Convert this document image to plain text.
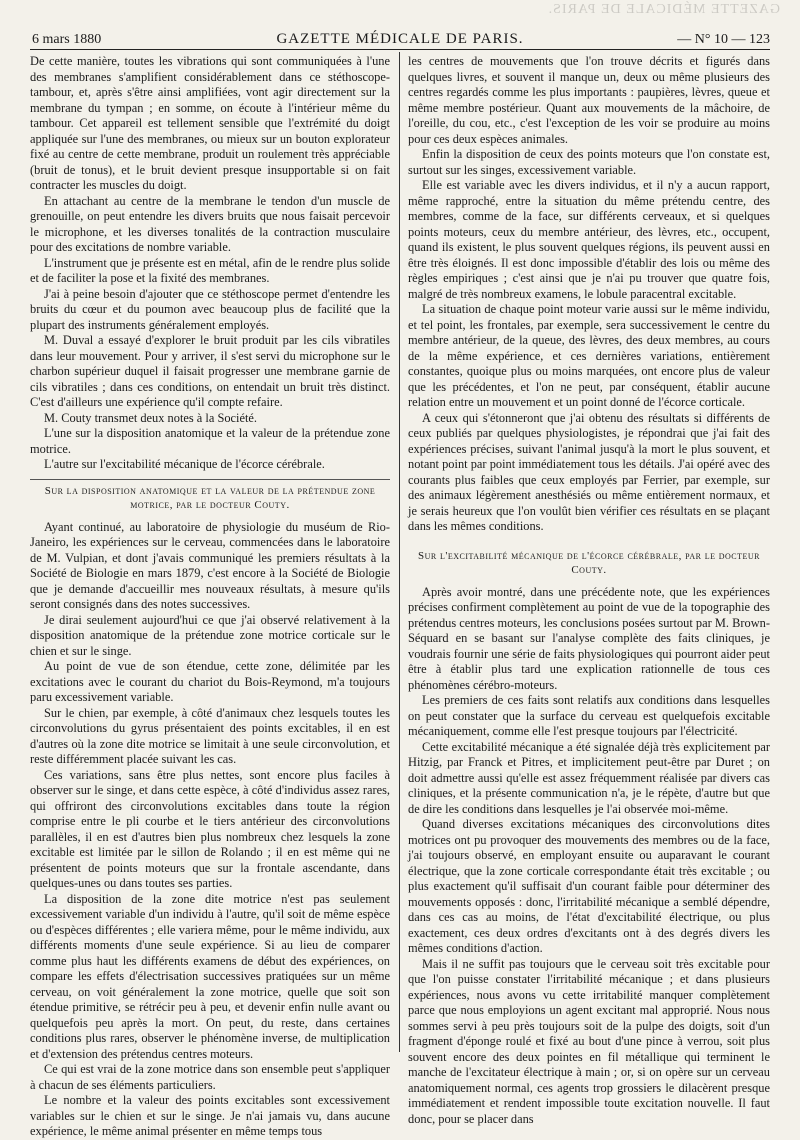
GAZETTE MÉDICALE DE PARIS.
6 mars 1880	GAZETTE MÉDICALE DE PARIS.	— N° 10 — 123

De cette manière, toutes les vibrations qui sont communiquées à l'une des membranes s'amplifient considérablement dans ce stéthoscope-tambour, et, après s'être ainsi amplifiées, vont agir directement sur la membrane du tympan ; en somme, on écoute à l'intérieur même du tambour. Cet appareil est tellement sensible que l'extrémité du doigt appliquée sur l'une des membranes, ou mieux sur un bouton explorateur fixé au centre de cette membrane, produit un roulement très appréciable (bruit de tonus), et le bruit devient presque insupportable si on fait contracter les muscles du doigt.

En attachant au centre de la membrane le tendon d'un muscle de grenouille, on peut entendre les divers bruits que nous faisait percevoir le microphone, et les diverses tonalités de la contraction musculaire pour des excitations de nombre variable.

L'instrument que je présente est en métal, afin de le rendre plus solide et de faciliter la pose et la fixité des membranes.

J'ai à peine besoin d'ajouter que ce stéthoscope permet d'entendre les bruits du cœur et du poumon avec beaucoup plus de facilité que la plupart des instruments généralement employés.

M. Duval a essayé d'explorer le bruit produit par les cils vibratiles dans leur mouvement. Pour y arriver, il s'est servi du microphone sur le charbon supérieur duquel il faisait progresser une membrane garnie de cils vibratiles ; dans ces conditions, on entendait un bruit très distinct. C'est d'ailleurs une expérience qu'il compte refaire.

M. Couty transmet deux notes à la Société.

L'une sur la disposition anatomique et la valeur de la prétendue zone motrice.

L'autre sur l'excitabilité mécanique de l'écorce cérébrale.

Sur la disposition anatomique et la valeur de la prétendue zone motrice, par le docteur Couty.

Ayant continué, au laboratoire de physiologie du muséum de Rio-Janeiro, les expériences sur le cerveau, commencées dans le laboratoire de M. Vulpian, et dont j'avais communiqué les premiers résultats à la Société de Biologie en mars 1879, c'est encore à la Société de Biologie que je demande d'accueillir mes nouveaux résultats, à mesure qu'ils seront consignés dans des notes successives.

Je dirai seulement aujourd'hui ce que j'ai observé relativement à la disposition anatomique de la prétendue zone motrice corticale sur le chien et sur le singe.

Au point de vue de son étendue, cette zone, délimitée par les excitations avec le courant du chariot du Bois-Reymond, m'a toujours paru excessivement variable.

Sur le chien, par exemple, à côté d'animaux chez lesquels toutes les circonvolutions du gyrus présentaient des points excitables, il en est d'autres où la zone dite motrice se limitait à une seule circonvolution, et reste différemment placée suivant les cas.

Ces variations, sans être plus nettes, sont encore plus faciles à observer sur le singe, et dans cette espèce, à côté d'individus assez rares, qui offriront des circonvolutions excitables dans toute la région comprise entre le pli courbe et le tiers antérieur des circonvolutions parallèles, il en est d'autres bien plus nombreux chez lesquels la zone excitable est limitée par le sillon de Rolando ; il en est même qui ne présentent de points moteurs que sur la frontale ascendante, dans quelques-unes ou dans toutes ses parties.

La disposition de la zone dite motrice n'est pas seulement excessivement variable d'un individu à l'autre, qu'il soit de même espèce ou d'espèces différentes ; elle variera même, pour le même individu, aux différents moments d'une seule expérience. Si au lieu de comparer comme plus haut les différents examens de début des expériences, on compare les effets d'électrisation successives pratiquées sur un même cerveau, on voit généralement la zone motrice, quelle que soit son étendue primitive, se rétrécir peu à peu, et devenir enfin nulle avant ou quelquefois peu après la mort. On peut, du reste, dans certaines conditions plus rares, observer le phénomène inverse, de multiplication et d'extension des prétendus centres moteurs.

Ce qui est vrai de la zone motrice dans son ensemble peut s'appliquer à chacun de ses éléments particuliers.

Le nombre et la valeur des points excitables sont excessivement variables sur le chien et sur le singe. Je n'ai jamais vu, dans aucune expérience, le même animal présenter en même temps tous

les centres de mouvements que l'on trouve décrits et figurés dans quelques livres, et souvent il manque un, deux ou même plusieurs des centres regardés comme les plus importants : paupières, lèvres, queue et même membre postérieur. Quant aux mouvements de la mâchoire, de l'oreille, du cou, etc., c'est l'exception de les voir se produire au moins pour ces deux espèces animales.

Enfin la disposition de ceux des points moteurs que l'on constate est, surtout sur les singes, excessivement variable.

Elle est variable avec les divers individus, et il n'y a aucun rapport, même rapproché, entre la situation du même prétendu centre, des membres, comme de la face, sur différents cerveaux, et si quelques points moteurs, ceux du membre antérieur, des lèvres, etc., occupent, quand ils existent, le plus souvent quelques régions, ils peuvent aussi en être très éloignés. Il est donc impossible d'établir des lois ou même des règles empiriques ; c'est ainsi que je n'ai pu trouver que quatre fois, malgré de très nombreux examens, le lobule paracentral excitable.

La situation de chaque point moteur varie aussi sur le même individu, et tel point, les frontales, par exemple, sera successivement le centre du membre antérieur, de la queue, des lèvres, des deux membres, au cours de la même expérience, et ces dernières variations, entièrement constantes, quoique plus ou moins marquées, ont encore plus de valeur que les précédentes, et l'on ne peut, par conséquent, établir aucune relation entre un mouvement et un point donné de l'écorce corticale.

A ceux qui s'étonneront que j'ai obtenu des résultats si différents de ceux publiés par quelques physiologistes, je répondrai que j'ai fait des expériences précises, suivant l'animal jusqu'à la mort le plus souvent, et notant point par point immédiatement tous les détails. J'ai opéré avec des courants plus faibles que ceux employés par Ferrier, par exemple, sur des animaux légèrement anesthésiés ou même entièrement normaux, et je serais heureux que l'on voulût bien vérifier ces résultats en se plaçant dans les mêmes conditions.

Sur l'excitabilité mécanique de l'écorce cérébrale, par le docteur Couty.

Après avoir montré, dans une précédente note, que les expériences précises confirment complètement au point de vue de la topographie des prétendus centres moteurs, les conclusions posées surtout par M. Brown-Séquard en se basant sur l'analyse complète des faits cliniques, je voudrais fournir une série de faits physiologiques qui pourront aider peut être à établir plus tard une explication rationnelle de tous ces phénomènes cérébro-moteurs.

Les premiers de ces faits sont relatifs aux conditions dans lesquelles on peut constater que la surface du cerveau est quelquefois excitable mécaniquement, comme elle l'est presque toujours par l'électricité.

Cette excitabilité mécanique a été signalée déjà très explicitement par Hitzig, par Franck et Pitres, et implicitement peut-être par Duret ; on doit admettre aussi qu'elle est assez fréquemment réalisée par divers cas cliniques, et la présente communication n'a, je le répète, d'autre but que de dire les conditions dans lesquelles je l'ai observée moi-même.

Quand diverses excitations mécaniques des circonvolutions dites motrices ont pu provoquer des mouvements des membres ou de la face, j'ai toujours observé, en employant ensuite ou auparavant le courant électrique, que la zone corticale correspondante était très excitable ; ou plus exactement qu'il suffisait d'un courant faible pour déterminer des mouvements opposés : donc, l'irritabilité mécanique a semblé dépendre, dans ces cas au moins, de l'état d'excitabilité électrique, ou plus exactement, ces deux ordres d'excitants ont à des degrés divers les mêmes conditions d'action.

Mais il ne suffit pas toujours que le cerveau soit très excitable pour que l'on puisse constater l'irritabilité mécanique ; et dans plusieurs expériences, nous avons vu cette irritabilité manquer complètement parce que nous employions un agent excitant mal approprié. Nous nous sommes servi à peu près toujours soit de la pulpe des doigts, soit d'un fragment d'éponge roulé et fixé au bout d'une pince à verrou, soit plus souvent encore des deux pointes en fil métallique qui terminent le manche de l'excitateur électrique à main ; or, si on opère sur un cerveau anatomiquement normal, ces agents trop grossiers le dilacèrent presque immédiatement et rendent impossible toute excitation nouvelle. Il faut donc, pour se placer dans
